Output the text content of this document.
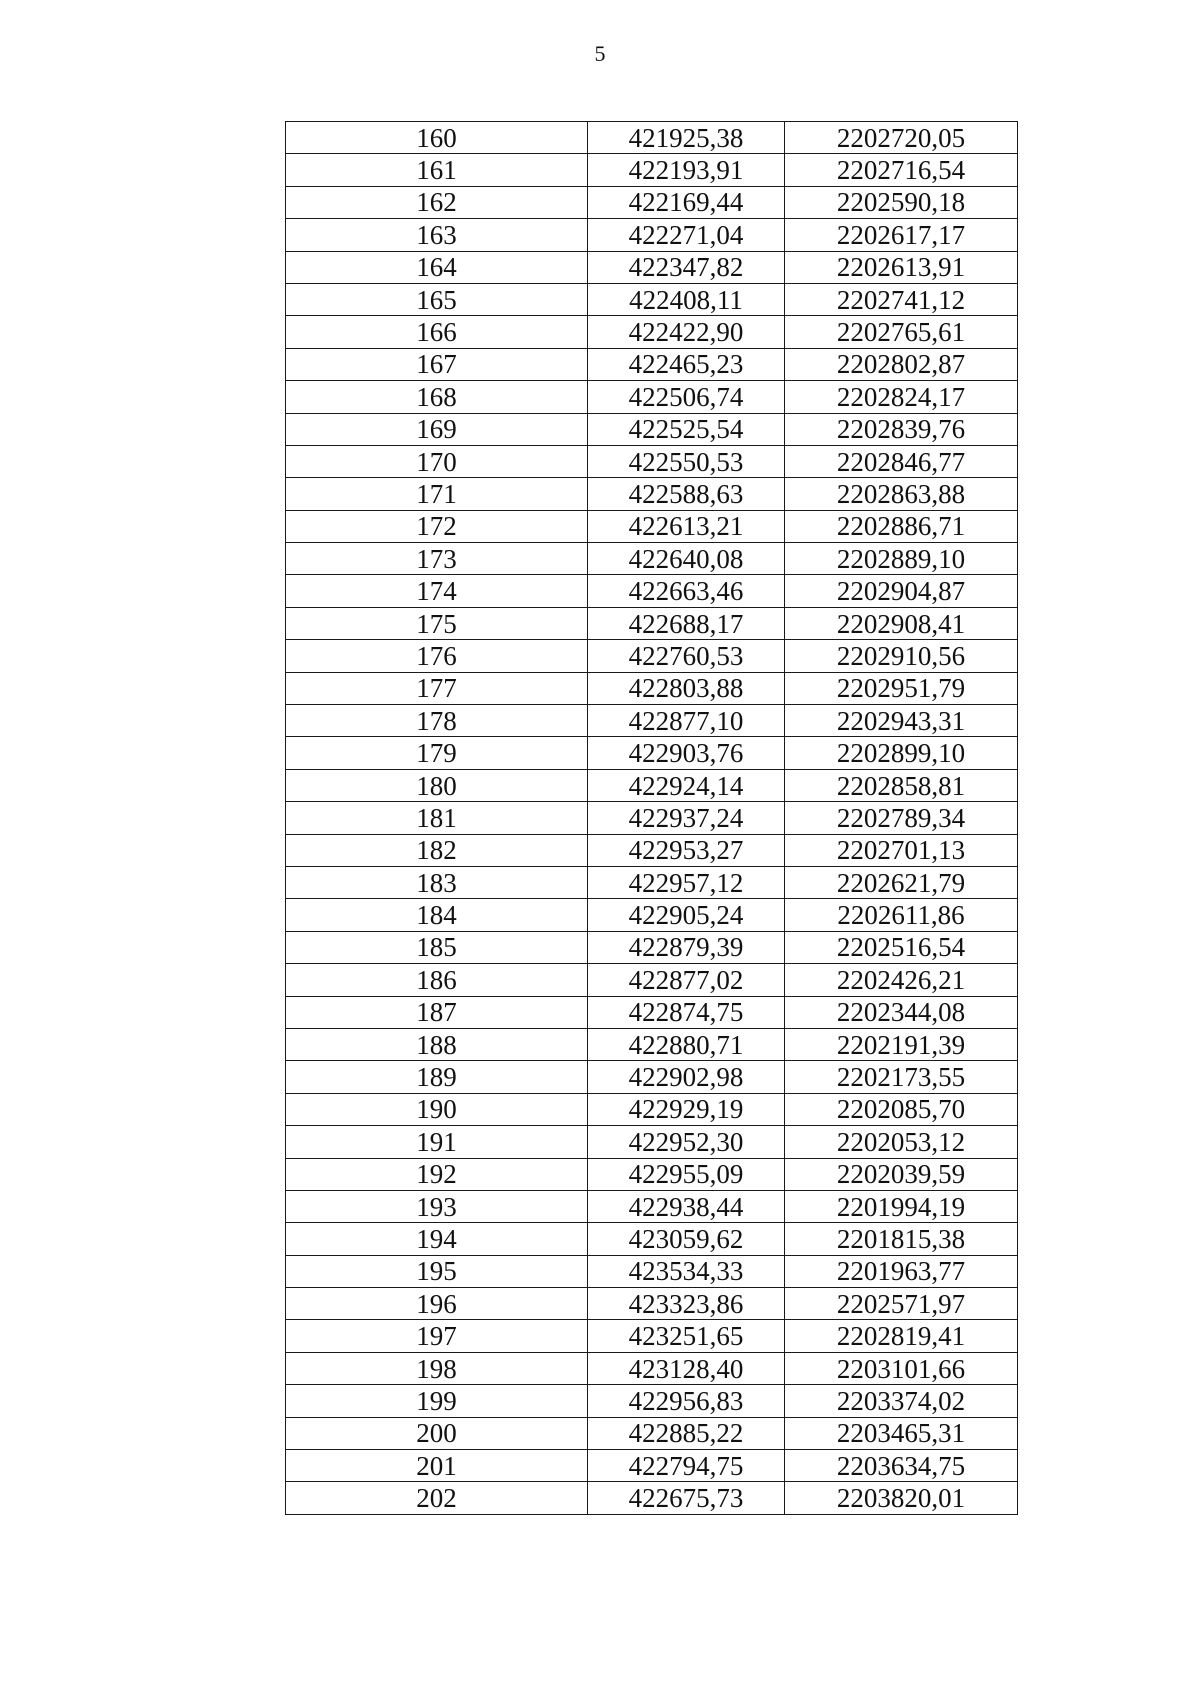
5
160	421925,38	2202720,05
161	422193,91	2202716,54
162	422169,44	2202590,18
163	422271,04	2202617,17
164	422347,82	2202613,91
165	422408,11	2202741,12
166	422422,90	2202765,61
167	422465,23	2202802,87
168	422506,74	2202824,17
169	422525,54	2202839,76
170	422550,53	2202846,77
171	422588,63	2202863,88
172	422613,21	2202886,71
173	422640,08	2202889,10
174	422663,46	2202904,87
175	422688,17	2202908,41
176	422760,53	2202910,56
177	422803,88	2202951,79
178	422877,10	2202943,31
179	422903,76	2202899,10
180	422924,14	2202858,81
181	422937,24	2202789,34
182	422953,27	2202701,13
183	422957,12	2202621,79
184	422905,24	2202611,86
185	422879,39	2202516,54
186	422877,02	2202426,21
187	422874,75	2202344,08
188	422880,71	2202191,39
189	422902,98	2202173,55
190	422929,19	2202085,70
191	422952,30	2202053,12
192	422955,09	2202039,59
193	422938,44	2201994,19
194	423059,62	2201815,38
195	423534,33	2201963,77
196	423323,86	2202571,97
197	423251,65	2202819,41
198	423128,40	2203101,66
199	422956,83	2203374,02
200	422885,22	2203465,31
201	422794,75	2203634,75
202	422675,73	2203820,01
